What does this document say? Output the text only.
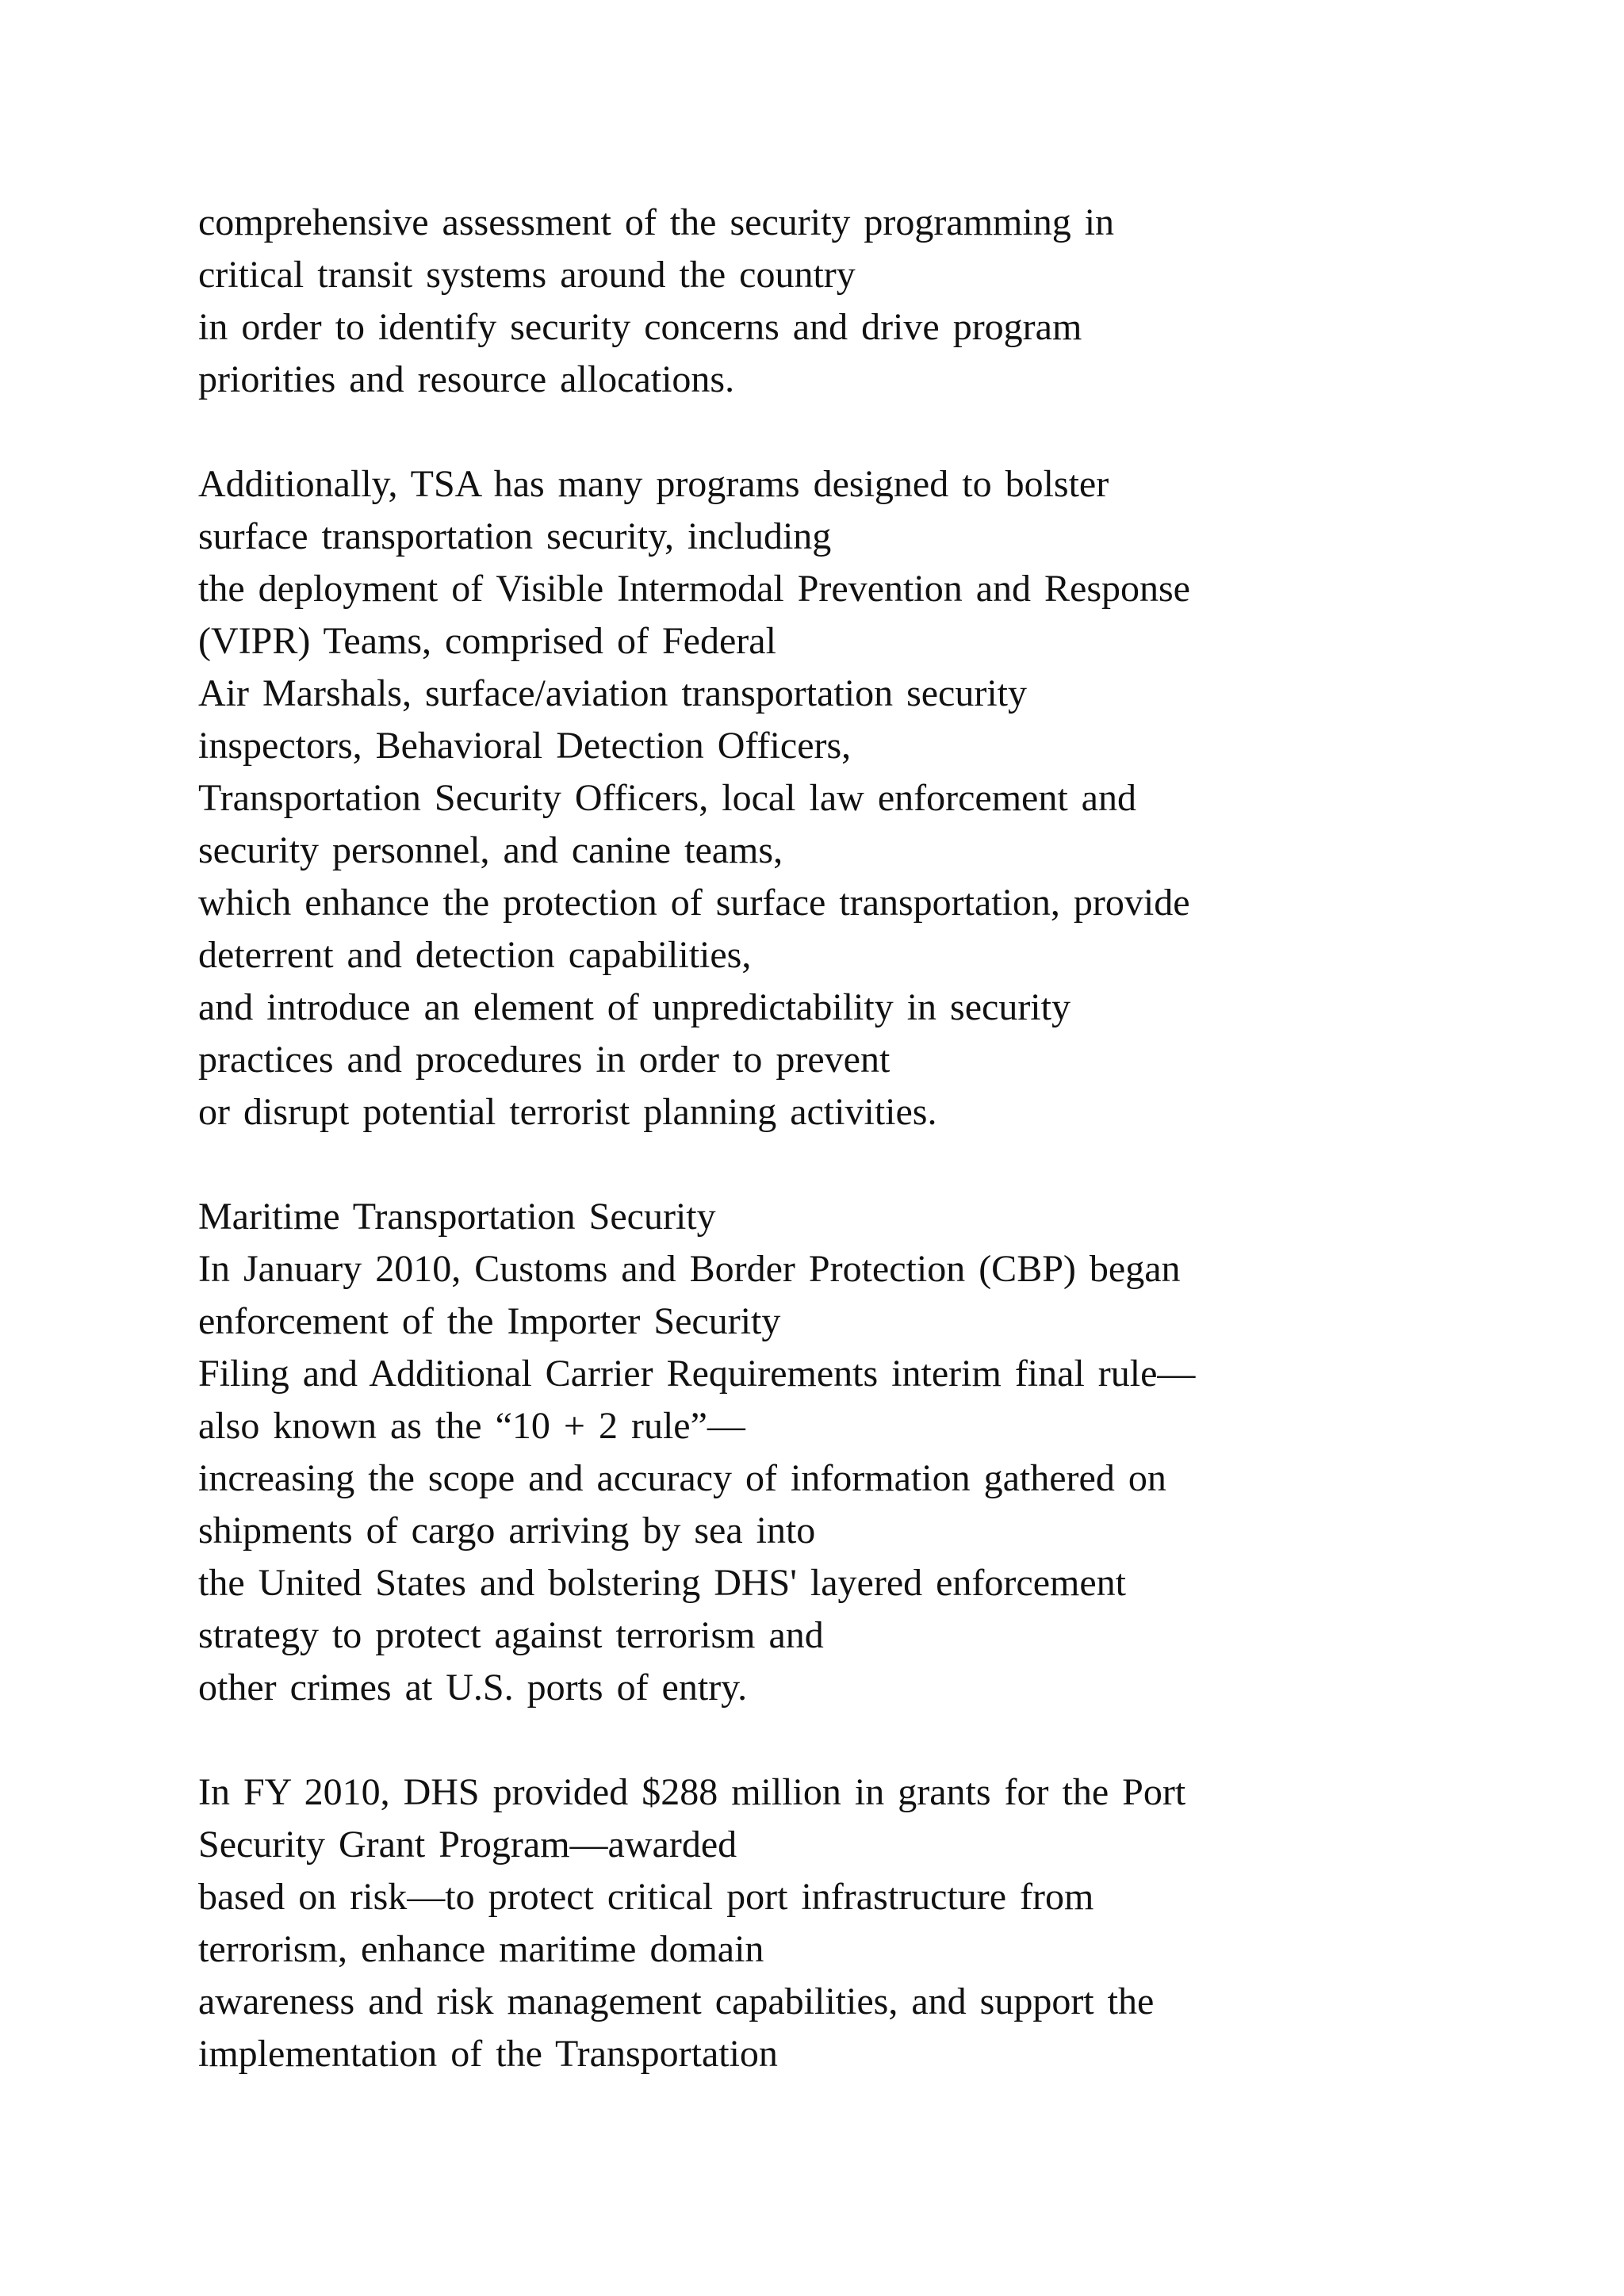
comprehensive assessment of the security programming in
critical transit systems around the country
in order to identify security concerns and drive program
priorities and resource allocations.
Additionally, TSA has many programs designed to bolster
surface transportation security, including
the deployment of Visible Intermodal Prevention and Response
(VIPR) Teams, comprised of Federal
Air Marshals, surface/aviation transportation security
inspectors, Behavioral Detection Officers,
Transportation Security Officers, local law enforcement and
security personnel, and canine teams,
which enhance the protection of surface transportation, provide
deterrent and detection capabilities,
and introduce an element of unpredictability in security
practices and procedures in order to prevent
or disrupt potential terrorist planning activities.
Maritime Transportation Security
In January 2010, Customs and Border Protection (CBP) began
enforcement of the Importer Security
Filing and Additional Carrier Requirements interim final rule—
also known as the “10 + 2 rule”—
increasing the scope and accuracy of information gathered on
shipments of cargo arriving by sea into
the United States and bolstering DHS' layered enforcement
strategy to protect against terrorism and
other crimes at U.S. ports of entry.
In FY 2010, DHS provided $288 million in grants for the Port
Security Grant Program—awarded
based on risk—to protect critical port infrastructure from
terrorism, enhance maritime domain
awareness and risk management capabilities, and support the
implementation of the Transportation
